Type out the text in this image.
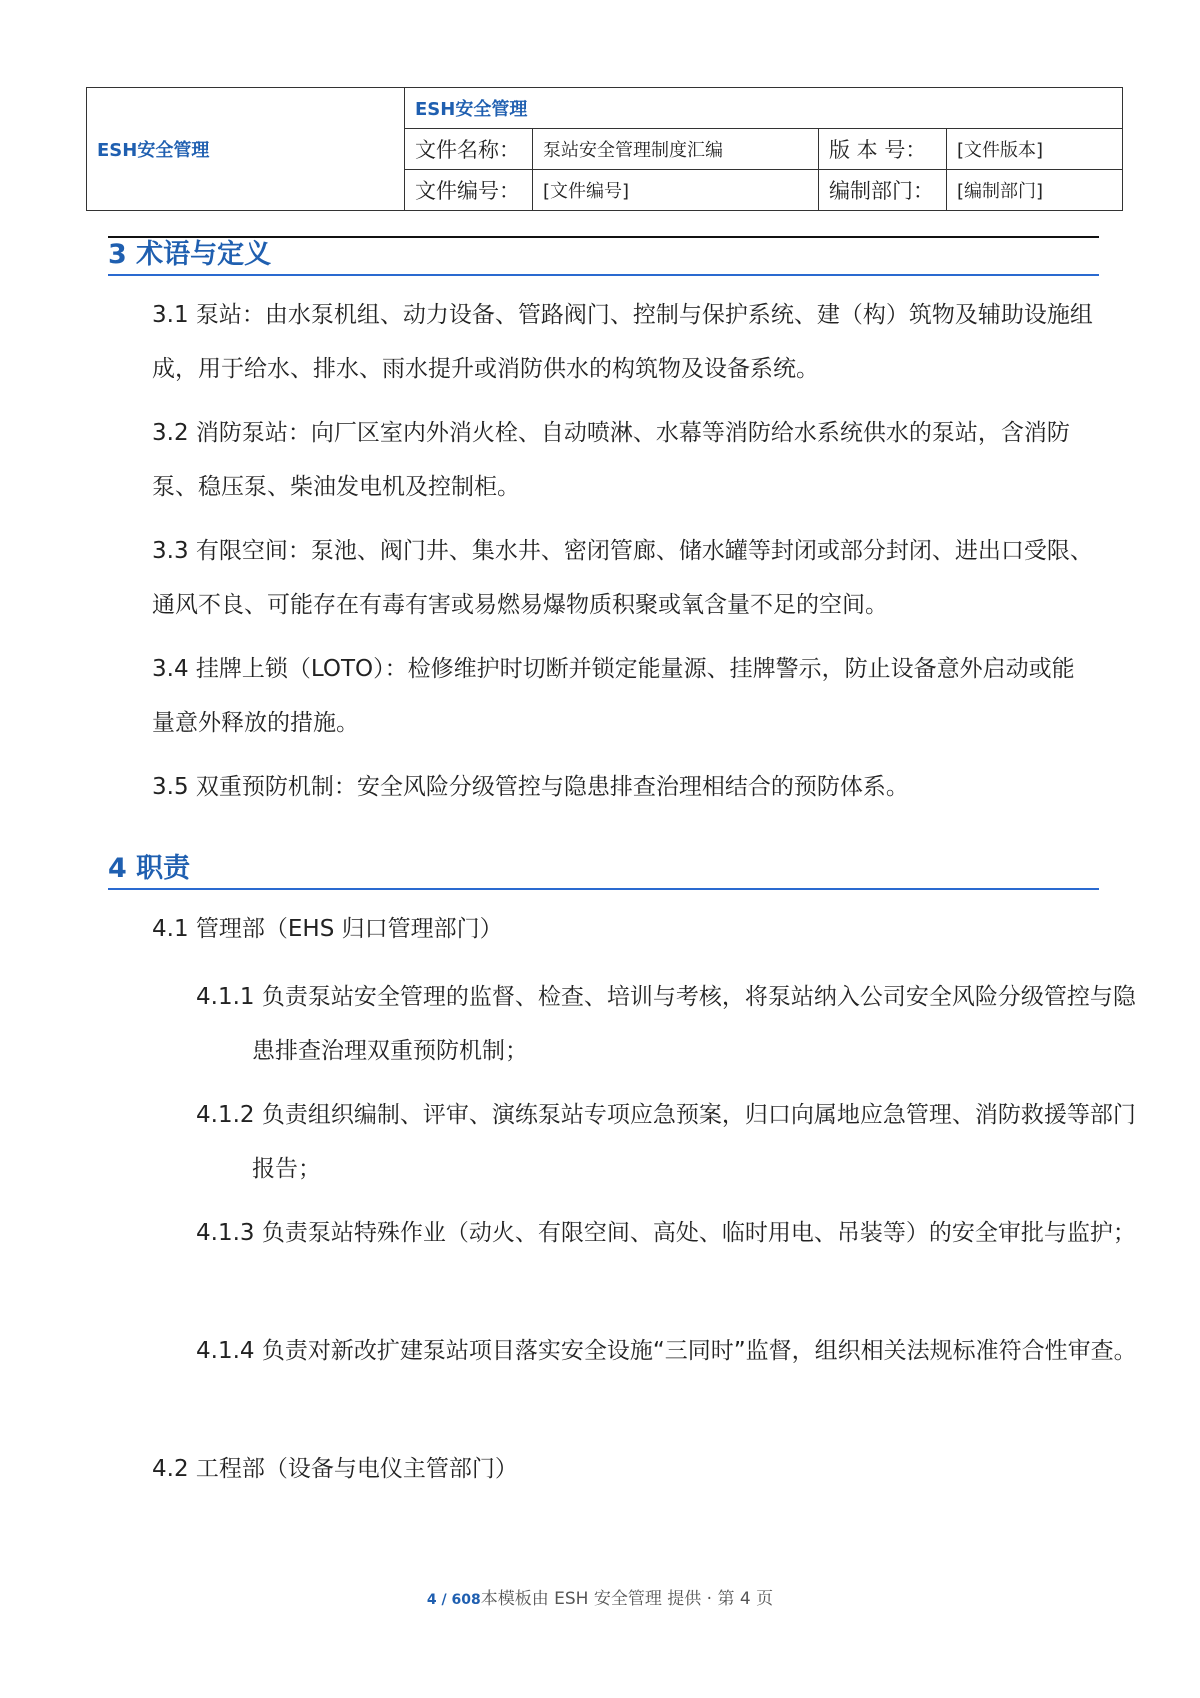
ESH安全管理	ESH安全管理			
	文件名称：	泵站安全管理制度汇编	版 本 号：	[文件版本]
	文件编号：	[文件编号]	编制部门：	[编制部门]
3 术语与定义

3.1 泵站：由水泵机组、动力设备、管路阀门、控制与保护系统、建（构）筑物及辅助设施组成，用于给水、排水、雨水提升或消防供水的构筑物及设备系统。

3.2 消防泵站：向厂区室内外消火栓、自动喷淋、水幕等消防给水系统供水的泵站，含消防泵、稳压泵、柴油发电机及控制柜。

3.3 有限空间：泵池、阀门井、集水井、密闭管廊、储水罐等封闭或部分封闭、进出口受限、通风不良、可能存在有毒有害或易燃易爆物质积聚或氧含量不足的空间。

3.4 挂牌上锁（LOTO）：检修维护时切断并锁定能量源、挂牌警示，防止设备意外启动或能量意外释放的措施。

3.5 双重预防机制：安全风险分级管控与隐患排查治理相结合的预防体系。

4 职责

4.1 管理部（EHS 归口管理部门）

4.1.1 负责泵站安全管理的监督、检查、培训与考核，将泵站纳入公司安全风险分级管控与隐患排查治理双重预防机制；

4.1.2 负责组织编制、评审、演练泵站专项应急预案，归口向属地应急管理、消防救援等部门报告；

4.1.3 负责泵站特殊作业（动火、有限空间、高处、临时用电、吊装等）的安全审批与监护；

4.1.4 负责对新改扩建泵站项目落实安全设施“三同时”监督，组织相关法规标准符合性审查。

4.2 工程部（设备与电仪主管部门）

4 / 608本模板由 ESH 安全管理 提供 · 第 4 页
